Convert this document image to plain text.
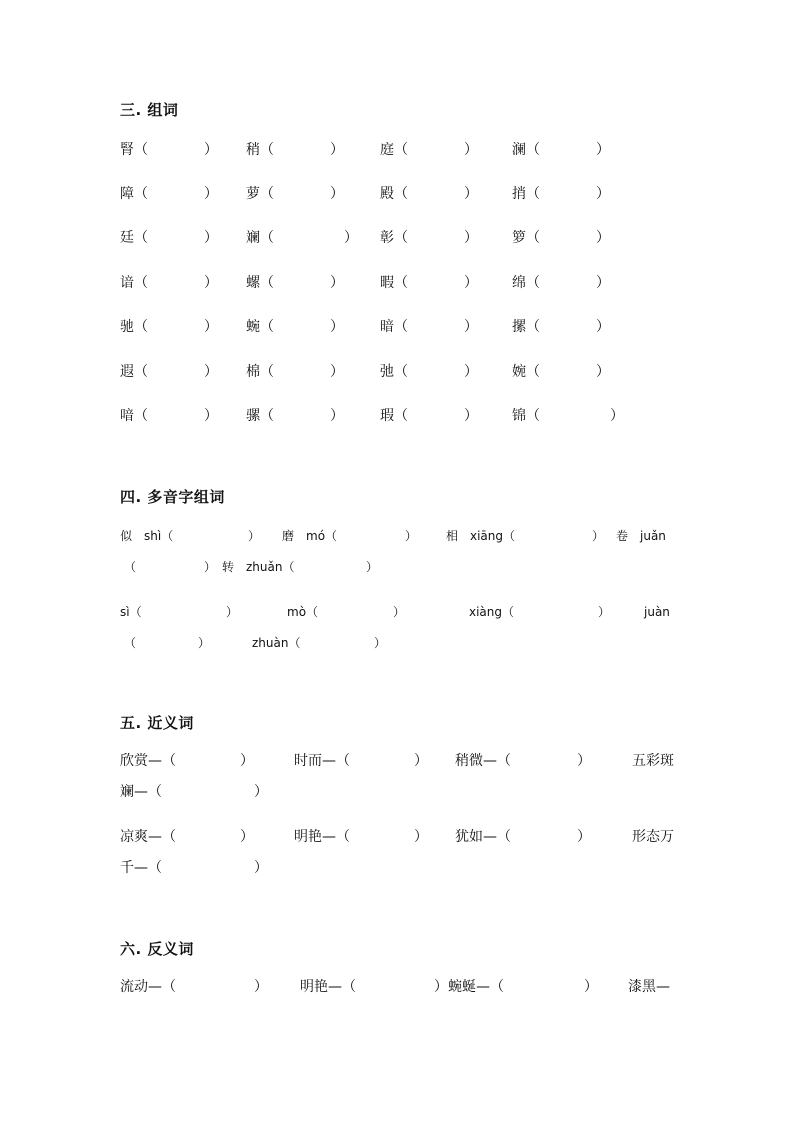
三. 组词
腎（　　　　） 稍（　　　　）	庭（　　　　） 澜（　　　　）
障（　　　　） 萝（　　　　）	殿（　　　　） 捎（　　　　）
廷（　　　　） 斓（　　　　　） 彰（　　　　） 箩（　　　　）
谙（　　　　） 螺（　　　　）	暇（　　　　） 绵（　　　　）
驰（　　　　） 蜿（　　　　）	暗（　　　　） 摞（　　　　）
遐（　　　　） 棉（　　　　）	弛（　　　　） 婉（　　　　）
喑（　　　　） 骡（　　　　）	瑕（　　　　） 锦（　　　　　）
四. 多音字组词
似　shì（	） 磨　mó（	） 相　xiāng（	） 卷　juǎn
（	）　转　zhuǎn（	）
sì（	）	mò（	）	xiàng（	）	juàn
（	）	zhuàn（	）
五. 近义词
欣赏—（	）	时而—（	） 稍微—（	）	五彩斑
斓—（	）
凉爽—（	）	明艳—（	） 犹如—（	）	形态万
千—（	）
六. 反义词
流动—（	） 明艳—（	）蜿蜒—（	） 漆黑—
